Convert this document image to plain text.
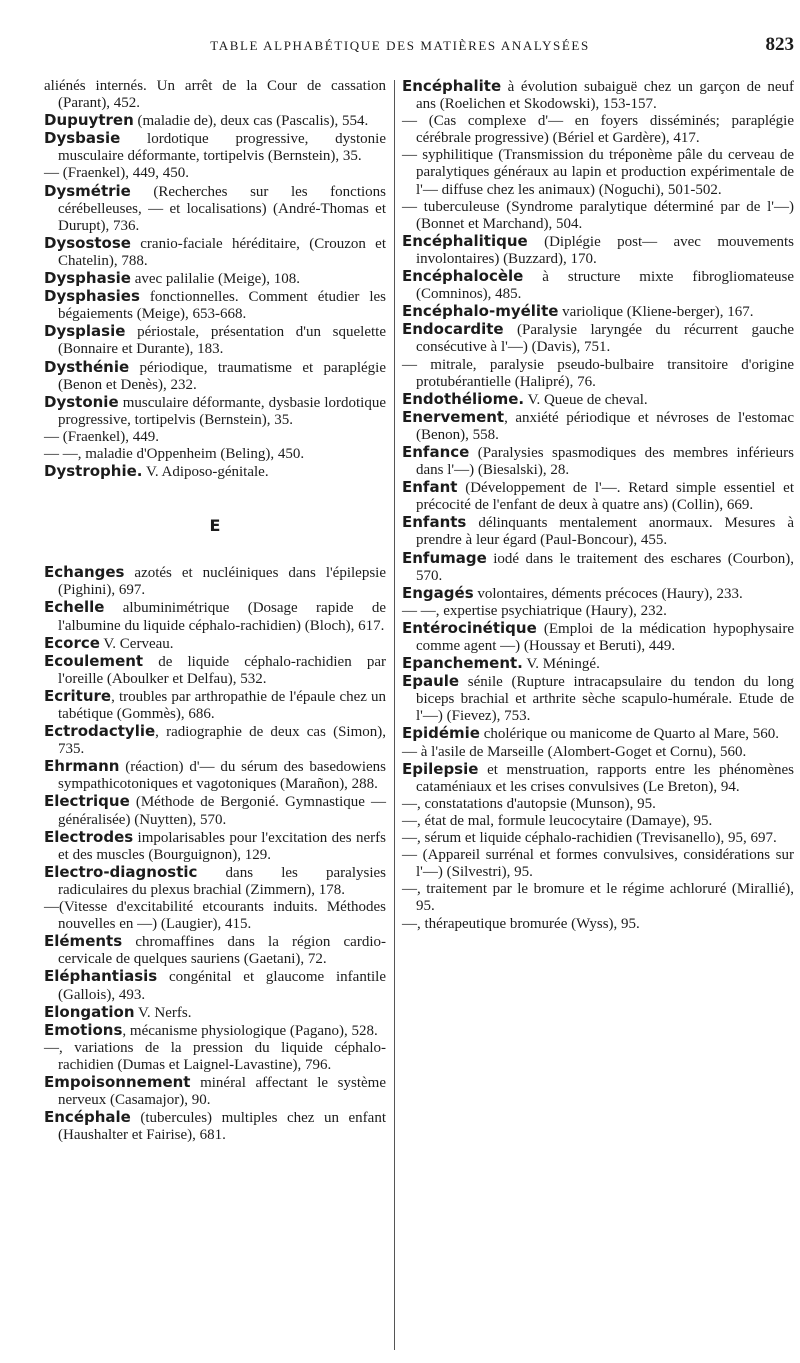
TABLE ALPHABÉTIQUE DES MATIÈRES ANALYSÉES	823
aliénés internés. Un arrêt de la Cour de cassation (Parant), 452.
Dupuytren (maladie de), deux cas (Pascalis), 554.
Dysbasie lordotique progressive, dystonie musculaire déformante, tortipelvis (Bernstein), 35.
— (Fraenkel), 449, 450.
Dysmétrie (Recherches sur les fonctions cérébelleuses, — et localisations) (André-Thomas et Durupt), 736.
Dysostose cranio-faciale héréditaire, (Crouzon et Chatelin), 788.
Dysphasie avec palilalie (Meige), 108.
Dysphasies fonctionnelles. Comment étudier les bégaiements (Meige), 653-668.
Dysplasie périostale, présentation d'un squelette (Bonnaire et Durante), 183.
Dysthénie périodique, traumatisme et paraplégie (Benon et Denès), 232.
Dystonie musculaire déformante, dysbasie lordotique progressive, tortipelvis (Bernstein), 35.
— (Fraenkel), 449.
— —, maladie d'Oppenheim (Beling), 450.
Dystrophie. V. Adiposo-génitale.
E
Echanges azotés et nucléiniques dans l'épilepsie (Pighini), 697.
Echelle albuminimétrique (Dosage rapide de l'albumine du liquide céphalo-rachidien) (Bloch), 617.
Ecorce V. Cerveau.
Ecoulement de liquide céphalo-rachidien par l'oreille (Aboulker et Delfau), 532.
Ecriture, troubles par arthropathie de l'épaule chez un tabétique (Gommès), 686.
Ectrodactylie, radiographie de deux cas (Simon), 735.
Ehrmann (réaction) d'— du sérum des basedowiens sympathicotoniques et vagotoniques (Marañon), 288.
Electrique (Méthode de Bergonié. Gymnastique — généralisée) (Nuytten), 570.
Electrodes impolarisables pour l'excitation des nerfs et des muscles (Bourguignon), 129.
Electro-diagnostic dans les paralysies radiculaires du plexus brachial (Zimmern), 178.
—(Vitesse d'excitabilité etcourants induits. Méthodes nouvelles en —) (Laugier), 415.
Eléments chromaffines dans la région cardio-cervicale de quelques sauriens (Gaetani), 72.
Eléphantiasis congénital et glaucome infantile (Gallois), 493.
Elongation V. Nerfs.
Emotions, mécanisme physiologique (Pagano), 528.
—, variations de la pression du liquide céphalo-rachidien (Dumas et Laignel-Lavastine), 796.
Empoisonnement minéral affectant le système nerveux (Casamajor), 90.
Encéphale (tubercules) multiples chez un enfant (Haushalter et Fairise), 681.
Encéphalite à évolution subaiguë chez un garçon de neuf ans (Roelichen et Skodowski), 153-157.
— (Cas complexe d'— en foyers disséminés; paraplégie cérébrale progressive) (Bériel et Gardère), 417.
— syphilitique (Transmission du tréponème pâle du cerveau de paralytiques généraux au lapin et production expérimentale de l'— diffuse chez les animaux) (Noguchi), 501-502.
— tuberculeuse (Syndrome paralytique déterminé par de l'—) (Bonnet et Marchand), 504.
Encéphalitique (Diplégie post— avec mouvements involontaires) (Buzzard), 170.
Encéphalocèle à structure mixte fibrogliomateuse (Comninos), 485.
Encéphalo-myélite variolique (Kliene-berger), 167.
Endocardite (Paralysie laryngée du récurrent gauche consécutive à l'—) (Davis), 751.
— mitrale, paralysie pseudo-bulbaire transitoire d'origine protubérantielle (Halipré), 76.
Endothéliome. V. Queue de cheval.
Enervement, anxiété périodique et névroses de l'estomac (Benon), 558.
Enfance (Paralysies spasmodiques des membres inférieurs dans l'—) (Biesalski), 28.
Enfant (Développement de l'—. Retard simple essentiel et précocité de l'enfant de deux à quatre ans) (Collin), 669.
Enfants délinquants mentalement anormaux. Mesures à prendre à leur égard (Paul-Boncour), 455.
Enfumage iodé dans le traitement des eschares (Courbon), 570.
Engagés volontaires, déments précoces (Haury), 233.
— —, expertise psychiatrique (Haury), 232.
Entérocinétique (Emploi de la médication hypophysaire comme agent —) (Houssay et Beruti), 449.
Epanchement. V. Méningé.
Epaule sénile (Rupture intracapsulaire du tendon du long biceps brachial et arthrite sèche scapulo-humérale. Etude de l'—) (Fievez), 753.
Epidémie cholérique ou manicome de Quarto al Mare, 560.
— à l'asile de Marseille (Alombert-Goget et Cornu), 560.
Epilepsie et menstruation, rapports entre les phénomènes cataméniaux et les crises convulsives (Le Breton), 94.
—, constatations d'autopsie (Munson), 95.
—, état de mal, formule leucocytaire (Damaye), 95.
—, sérum et liquide céphalo-rachidien (Trevisanello), 95, 697.
— (Appareil surrénal et formes convulsives, considérations sur l'—) (Silvestri), 95.
—, traitement par le bromure et le régime achloruré (Mirallié), 95.
—, thérapeutique bromurée (Wyss), 95.
